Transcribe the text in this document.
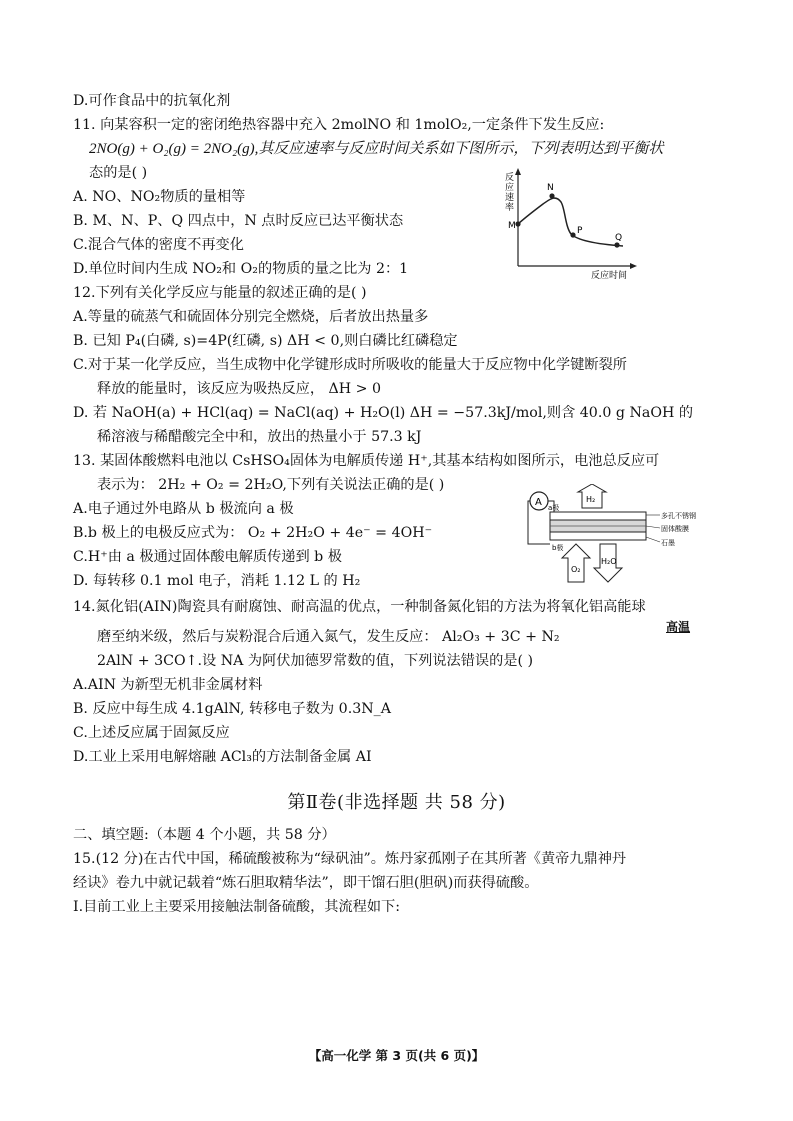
D.可作食品中的抗氧化剂
11. 向某容积一定的密闭绝热容器中充入 2molNO 和 1molO₂,一定条件下发生反应:
2NO(g) + O₂(g) = 2NO₂(g),其反应速率与反应时间关系如下图所示，下列表明达到平衡状
态的是( )
A. NO、NO₂物质的量相等
B. M、N、P、Q 四点中，N 点时反应已达平衡状态
C.混合气体的密度不再变化
D.单位时间内生成 NO₂和 O₂的物质的量之比为 2：1
12.下列有关化学反应与能量的叙述正确的是( )
A.等量的硫蒸气和硫固体分别完全燃烧，后者放出热量多
B. 已知 P₄(白磷, s)=4P(红磷, s) ΔH < 0,则白磷比红磷稳定
C.对于某一化学反应，当生成物中化学键形成时所吸收的能量大于反应物中化学键断裂所
释放的能量时，该反应为吸热反应， ΔH > 0
D. 若 NaOH(a) + HCl(aq) = NaCl(aq) + H₂O(l) ΔH = −57.3kJ/mol,则含 40.0 g NaOH 的
稀溶液与稀醋酸完全中和，放出的热量小于 57.3 kJ
13. 某固体酸燃料电池以 CsHSO₄固体为电解质传递 H⁺,其基本结构如图所示，电池总反应可
表示为： 2H₂ + O₂ = 2H₂O,下列有关说法正确的是( )
A.电子通过外电路从 b 极流向 a 极
B.b 极上的电极反应式为： O₂ + 2H₂O + 4e⁻ = 4OH⁻
C.H⁺由 a 极通过固体酸电解质传递到 b 极
D. 每转移 0.1 mol 电子，消耗 1.12 L 的 H₂
14.氮化铝(AIN)陶瓷具有耐腐蚀、耐高温的优点，一种制备氮化铝的方法为将氧化铝高能球
磨至纳米级，然后与炭粉混合后通入氮气，发生反应： Al₂O₃ + 3C + N₂
高温
2AlN + 3CO↑.设 NA 为阿伏加德罗常数的值，下列说法错误的是( )
A.AIN 为新型无机非金属材料
B. 反应中每生成 4.1gAlN, 转移电子数为 0.3N_A
C.上述反应属于固氮反应
D.工业上采用电解熔融 ACl₃的方法制备金属 AI
第Ⅱ卷(非选择题 共 58 分)
二、填空题:（本题 4 个小题，共 58 分）
15.(12 分)在古代中国，稀硫酸被称为“绿矾油”。炼丹家孤刚子在其所著《黄帝九鼎神丹
经诀》卷九中就记载着“炼石胆取精华法”，即干馏石胆(胆矾)而获得硫酸。
Ⅰ.目前工业上主要采用接触法制备硫酸，其流程如下:
【高一化学 第 3 页(共 6 页)】
反
应
速
率
M
N
P
Q
反应时间
A	H₂
多孔不锈钢
固体酸膜
石墨
a极
b极
O₂
H₂O
